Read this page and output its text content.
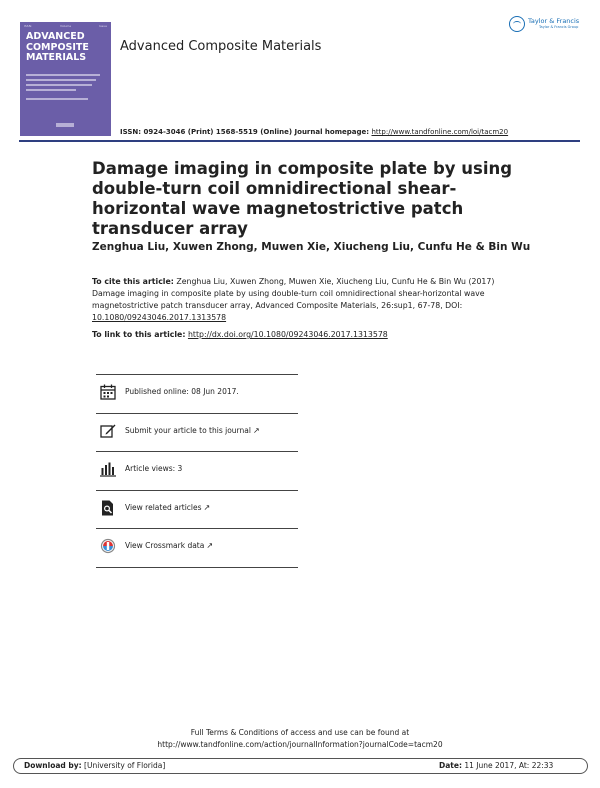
ISSN:	Volume	Issue
ADVANCED
COMPOSITE
MATERIALS
Advanced Composite Materials
Taylor & Francis
Taylor & Francis Group
ISSN: 0924-3046 (Print) 1568-5519 (Online) Journal homepage: http://www.tandfonline.com/loi/tacm20
Damage imaging in composite plate by using double-turn coil omnidirectional shear-horizontal wave magnetostrictive patch transducer array
Zenghua Liu, Xuwen Zhong, Muwen Xie, Xiucheng Liu, Cunfu He & Bin Wu
To cite this article: Zenghua Liu, Xuwen Zhong, Muwen Xie, Xiucheng Liu, Cunfu He & Bin Wu (2017) Damage imaging in composite plate by using double-turn coil omnidirectional shear-horizontal wave magnetostrictive patch transducer array, Advanced Composite Materials, 26:sup1, 67-78, DOI: 10.1080/09243046.2017.1313578
To link to this article: http://dx.doi.org/10.1080/09243046.2017.1313578
Published online: 08 Jun 2017.
Submit your article to this journal ↗
Article views: 3
View related articles ↗
View Crossmark data ↗
Full Terms & Conditions of access and use can be found at
http://www.tandfonline.com/action/journalInformation?journalCode=tacm20
Download by: [University of Florida]	Date: 11 June 2017, At: 22:33
